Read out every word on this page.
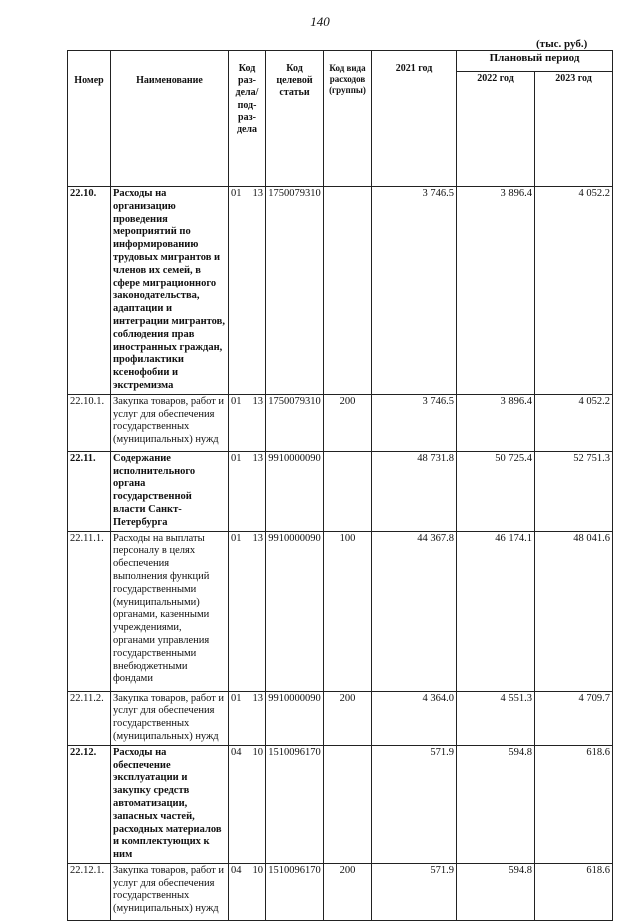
140
(тыс. руб.)
Номер	Наименование	Код раз-дела/ под-раз-дела	Код целевой статьи	Код вида расходов (группы)	2021 год	Плановый период	
						2022 год	2023 год
22.10.	Расходы на организацию проведения мероприятий по информированию трудовых мигрантов и членов их семей, в сфере миграционного законодательства, адаптации и интеграции мигрантов, соблюдения прав иностранных граждан, профилактики ксенофобии и экстремизма	01 13	1750079310		3 746.5	3 896.4	4 052.2
22.10.1.	Закупка товаров, работ и услуг для обеспечения государственных (муниципальных) нужд	01 13	1750079310	200	3 746.5	3 896.4	4 052.2
22.11.	Содержание исполнительного органа государственной власти Санкт-Петербурга	01 13	9910000090		48 731.8	50 725.4	52 751.3
22.11.1.	Расходы на выплаты персоналу в целях обеспечения выполнения функций государственными (муниципальными) органами, казенными учреждениями, органами управления государственными внебюджетными фондами	01 13	9910000090	100	44 367.8	46 174.1	48 041.6
22.11.2.	Закупка товаров, работ и услуг для обеспечения государственных (муниципальных) нужд	01 13	9910000090	200	4 364.0	4 551.3	4 709.7
22.12.	Расходы на обеспечение эксплуатации и закупку средств автоматизации, запасных частей, расходных материалов и комплектующих к ним	04 10	1510096170		571.9	594.8	618.6
22.12.1.	Закупка товаров, работ и услуг для обеспечения государственных (муниципальных) нужд	04 10	1510096170	200	571.9	594.8	618.6
